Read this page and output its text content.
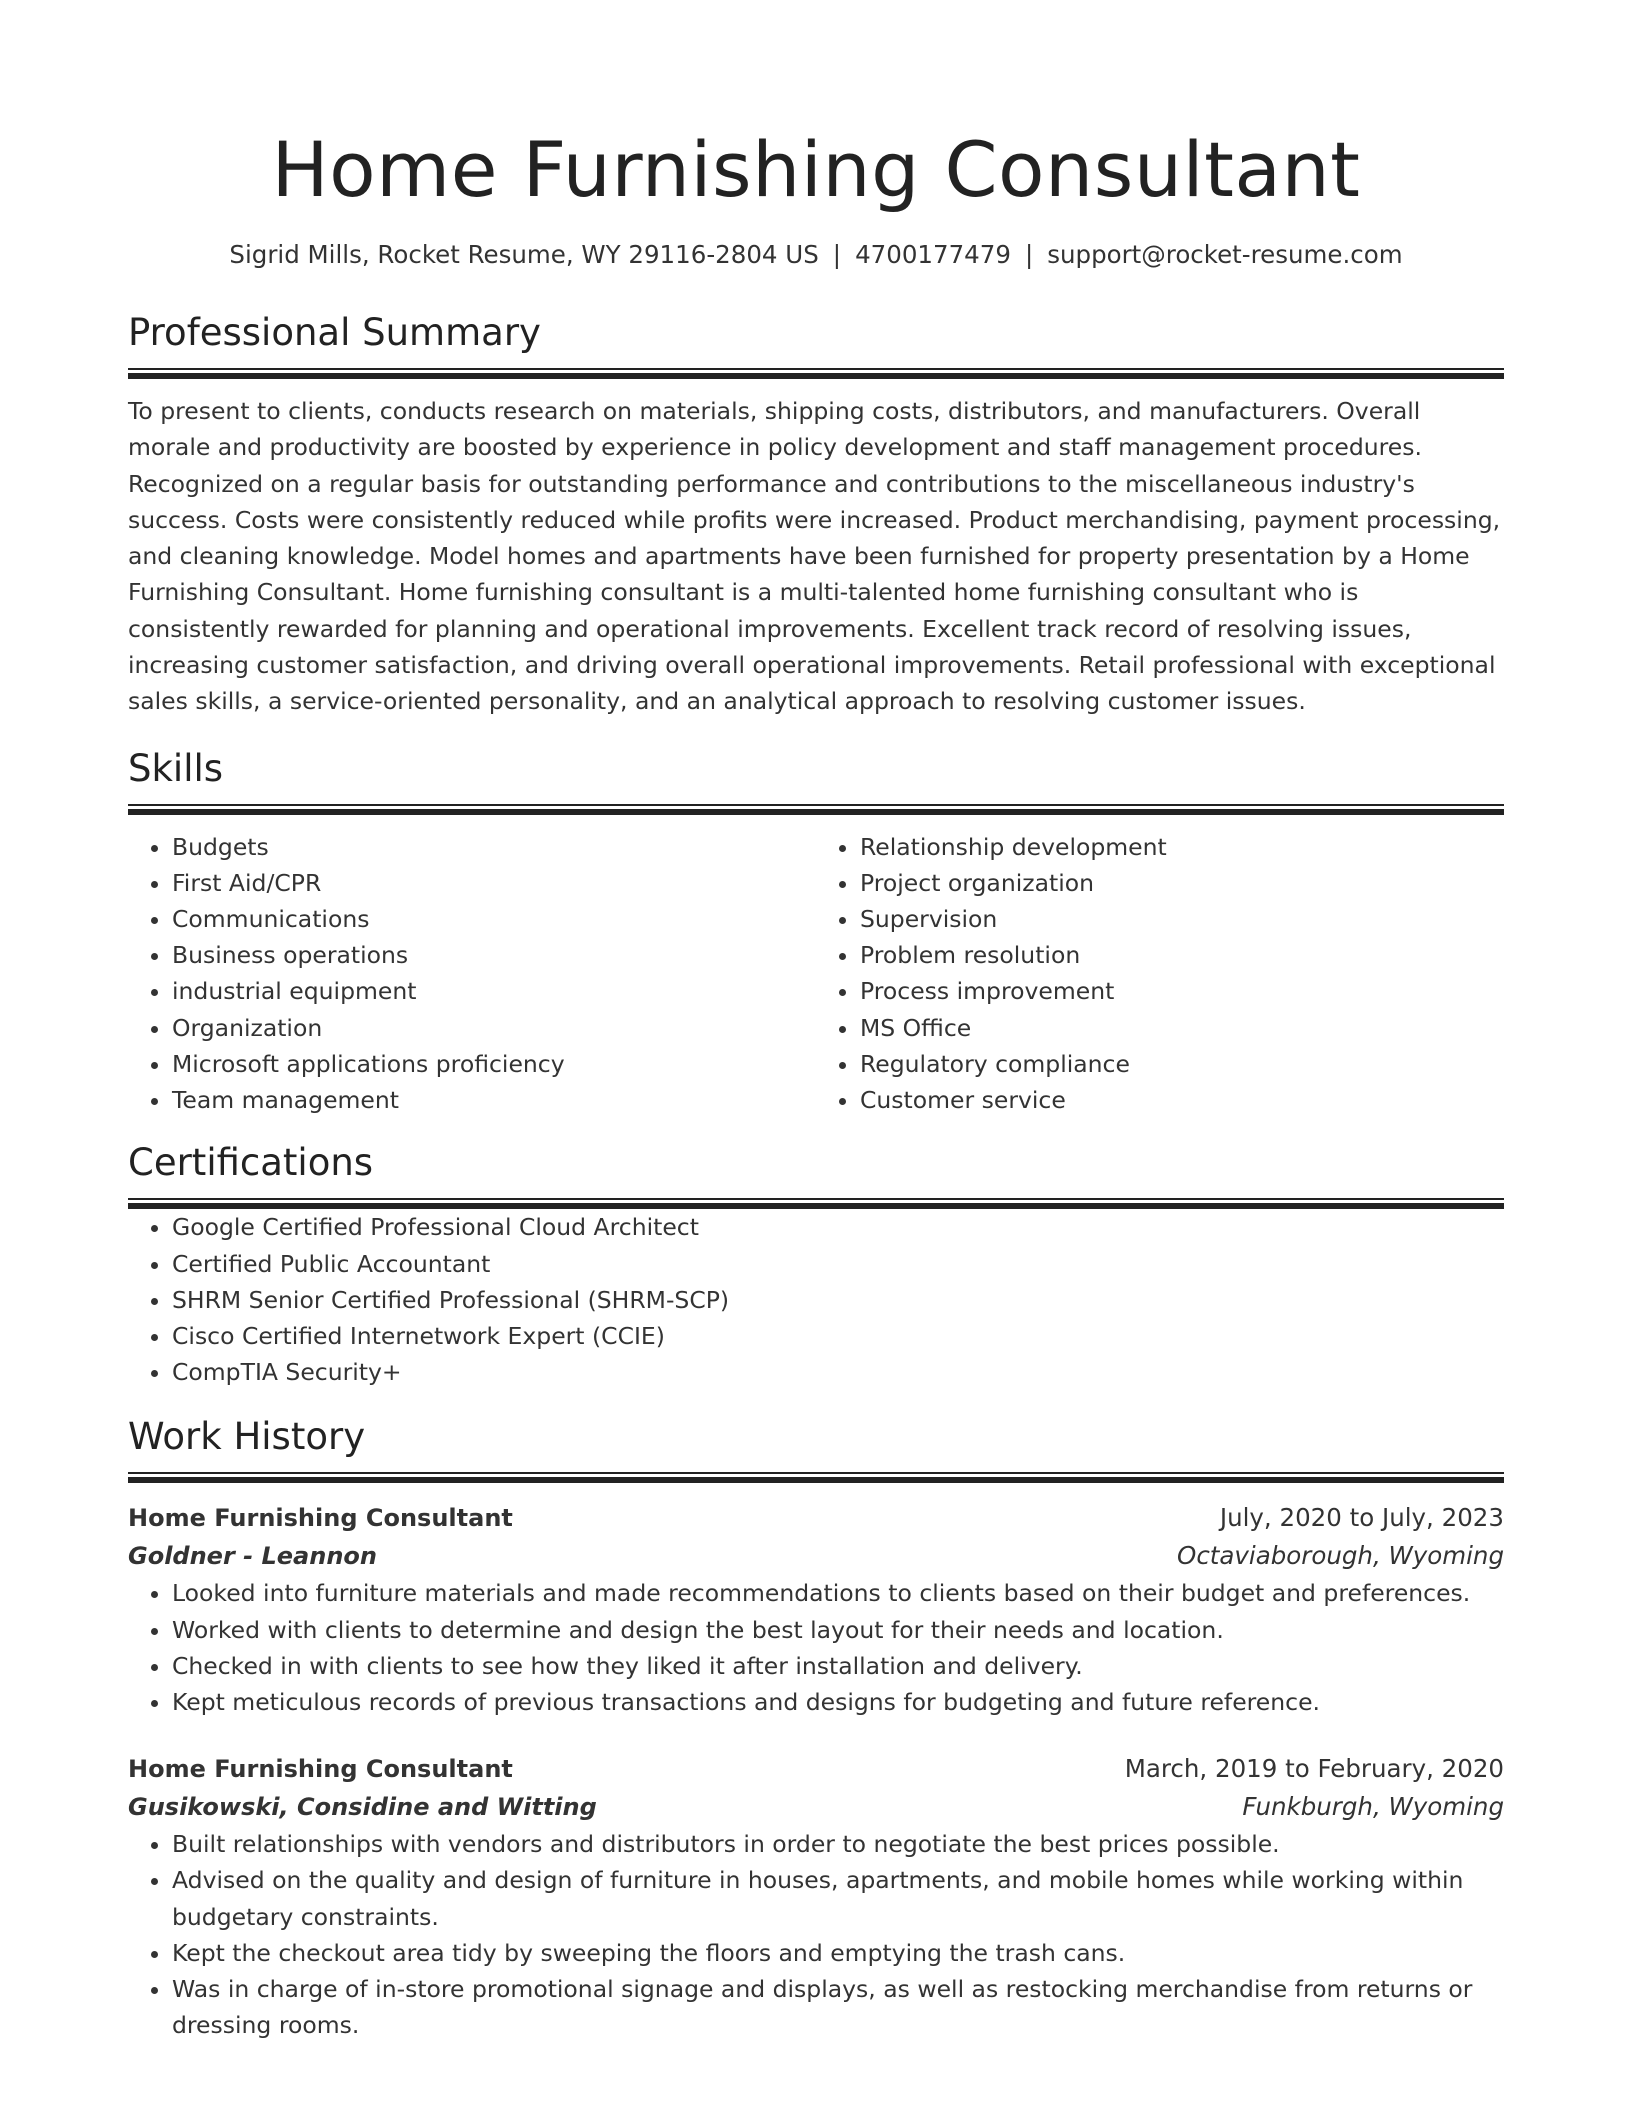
Home Furnishing Consultant
Sigrid Mills, Rocket Resume, WY 29116-2804 US | 4700177479 | support@rocket-resume.com
Professional Summary

To present to clients, conducts research on materials, shipping costs, distributors, and manufacturers. Overall morale and productivity are boosted by experience in policy development and staff management procedures. Recognized on a regular basis for outstanding performance and contributions to the miscellaneous industry's success. Costs were consistently reduced while profits were increased. Product merchandising, payment processing, and cleaning knowledge. Model homes and apartments have been furnished for property presentation by a Home Furnishing Consultant. Home furnishing consultant is a multi-talented home furnishing consultant who is consistently rewarded for planning and operational improvements. Excellent track record of resolving issues, increasing customer satisfaction, and driving overall operational improvements. Retail professional with exceptional sales skills, a service-oriented personality, and an analytical approach to resolving customer issues.

Skills
• Budgets
• First Aid/CPR
• Communications
• Business operations
• industrial equipment
• Organization
• Microsoft applications proficiency
• Team management
• Relationship development
• Project organization
• Supervision
• Problem resolution
• Process improvement
• MS Office
• Regulatory compliance
• Customer service
Certifications
• Google Certified Professional Cloud Architect
• Certified Public Accountant
• SHRM Senior Certified Professional (SHRM-SCP)
• Cisco Certified Internetwork Expert (CCIE)
• CompTIA Security+
Work History
Home Furnishing Consultant	July, 2020 to July, 2023
Goldner - Leannon	Octaviaborough, Wyoming
• Looked into furniture materials and made recommendations to clients based on their budget and preferences.
• Worked with clients to determine and design the best layout for their needs and location.
• Checked in with clients to see how they liked it after installation and delivery.
• Kept meticulous records of previous transactions and designs for budgeting and future reference.
Home Furnishing Consultant	March, 2019 to February, 2020
Gusikowski, Considine and Witting	Funkburgh, Wyoming
• Built relationships with vendors and distributors in order to negotiate the best prices possible.
• Advised on the quality and design of furniture in houses, apartments, and mobile homes while working within budgetary constraints.
• Kept the checkout area tidy by sweeping the floors and emptying the trash cans.
• Was in charge of in-store promotional signage and displays, as well as restocking merchandise from returns or dressing rooms.
